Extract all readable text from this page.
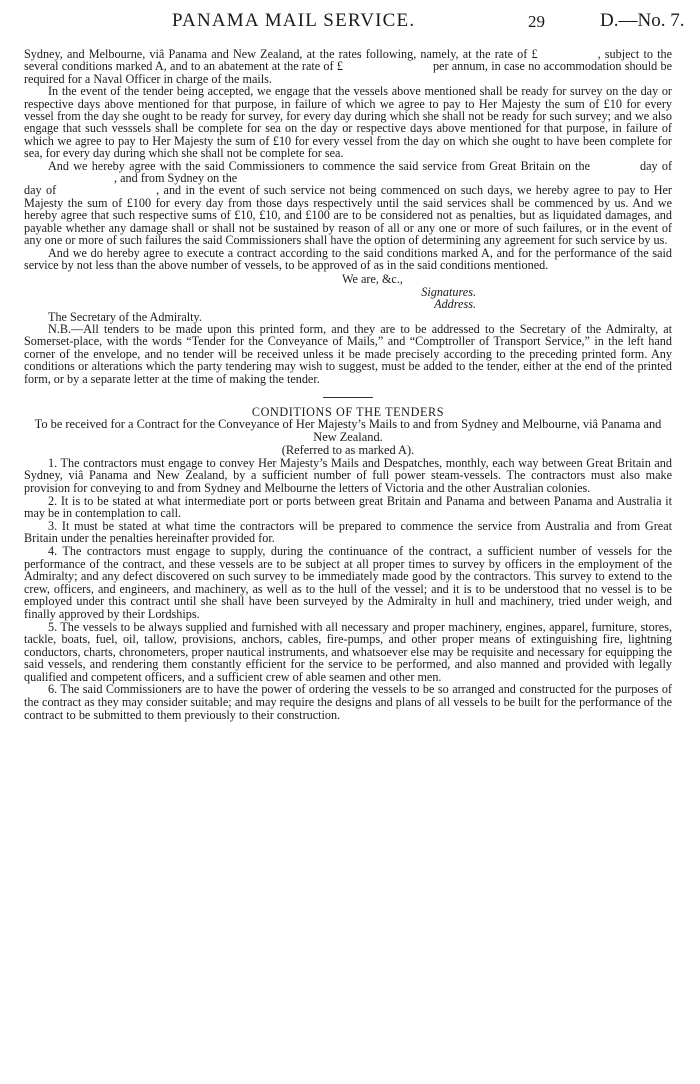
PANAMA MAIL SERVICE.	29	D.—No. 7.

Sydney, and Melbourne, viâ Panama and New Zealand, at the rates following, namely, at the rate of £	, subject to the several conditions marked A, and to an abatement at the rate of £	per annum, in case no accommodation should be required for a Naval Officer in charge of the mails.

In the event of the tender being accepted, we engage that the vessels above mentioned shall be ready for survey on the day or respective days above mentioned for that purpose, in failure of which we agree to pay to Her Majesty the sum of £10 for every vessel from the day she ought to be ready for survey, for every day during which she shall not be ready for such survey; and we also engage that such vesssels shall be complete for sea on the day or respective days above mentioned for that purpose, in failure of which we agree to pay to Her Majesty the sum of £10 for every vessel from the day on which she ought to have been complete for sea, for every day during which she shall not be complete for sea.

And we hereby agree with the said Commissioners to commence the said service from Great Britain on the	day of, and from Sydney on the
day of	, and in the event of such service not being commenced on such days, we hereby agree to pay to Her Majesty the sum of £100 for every day from those days respectively until the said services shall be commenced by us. And we hereby agree that such respective sums of £10, £10, and £100 are to be considered not as penalties, but as liquidated damages, and payable whether any damage shall or shall not be sustained by reason of all or any one or more of such failures, or in the event of any one or more of such failures the said Commissioners shall have the option of determining any agreement for such service by us.

And we do hereby agree to execute a contract according to the said conditions marked A, and for the performance of the said service by not less than the above number of vessels, to be approved of as in the said conditions mentioned.

We are, &c.,

Signatures.

Address.

The Secretary of the Admiralty.

N.B.—All tenders to be made upon this printed form, and they are to be addressed to the Secretary of the Admiralty, at Somerset-place, with the words “Tender for the Conveyance of Mails,” and “Comptroller of Transport Service,” in the left hand corner of the envelope, and no tender will be received unless it be made precisely according to the preceding printed form. Any conditions or alterations which the party tendering may wish to suggest, must be added to the tender, either at the end of the printed form, or by a separate letter at the time of making the tender.

CONDITIONS OF THE TENDERS

To be received for a Contract for the Conveyance of Her Majesty’s Mails to and from Sydney and Melbourne, viâ Panama and New Zealand.

(Referred to as marked A).

1. The contractors must engage to convey Her Majesty’s Mails and Despatches, monthly, each way between Great Britain and Sydney, viâ Panama and New Zealand, by a sufficient number of full power steam-vessels. The contractors must also make provision for conveying to and from Sydney and Melbourne the letters of Victoria and the other Australian colonies.

2. It is to be stated at what intermediate port or ports between great Britain and Panama and between Panama and Australia it may be in contemplation to call.

3. It must be stated at what time the contractors will be prepared to commence the service from Australia and from Great Britain under the penalties hereinafter provided for.

4. The contractors must engage to supply, during the continuance of the contract, a sufficient number of vessels for the performance of the contract, and these vessels are to be subject at all proper times to survey by officers in the employment of the Admiralty; and any defect discovered on such survey to be immediately made good by the contractors. This survey to extend to the crew, officers, and engineers, and machinery, as well as to the hull of the vessel; and it is to be understood that no vessel is to be employed under this contract until she shall have been surveyed by the Admiralty in hull and machinery, tried under weigh, and finally approved by their Lordships.

5. The vessels to be always supplied and furnished with all necessary and proper machinery, engines, apparel, furniture, stores, tackle, boats, fuel, oil, tallow, provisions, anchors, cables, fire-pumps, and other proper means of extinguishing fire, lightning conductors, charts, chronometers, proper nautical instruments, and whatsoever else may be requisite and necessary for equipping the said vessels, and rendering them constantly efficient for the service to be performed, and also manned and provided with legally qualified and competent officers, and a sufficient crew of able seamen and other men.

6. The said Commissioners are to have the power of ordering the vessels to be so arranged and constructed for the purposes of the contract as they may consider suitable; and may require the designs and plans of all vessels to be built for the performance of the contract to be submitted to them previously to their construction.
